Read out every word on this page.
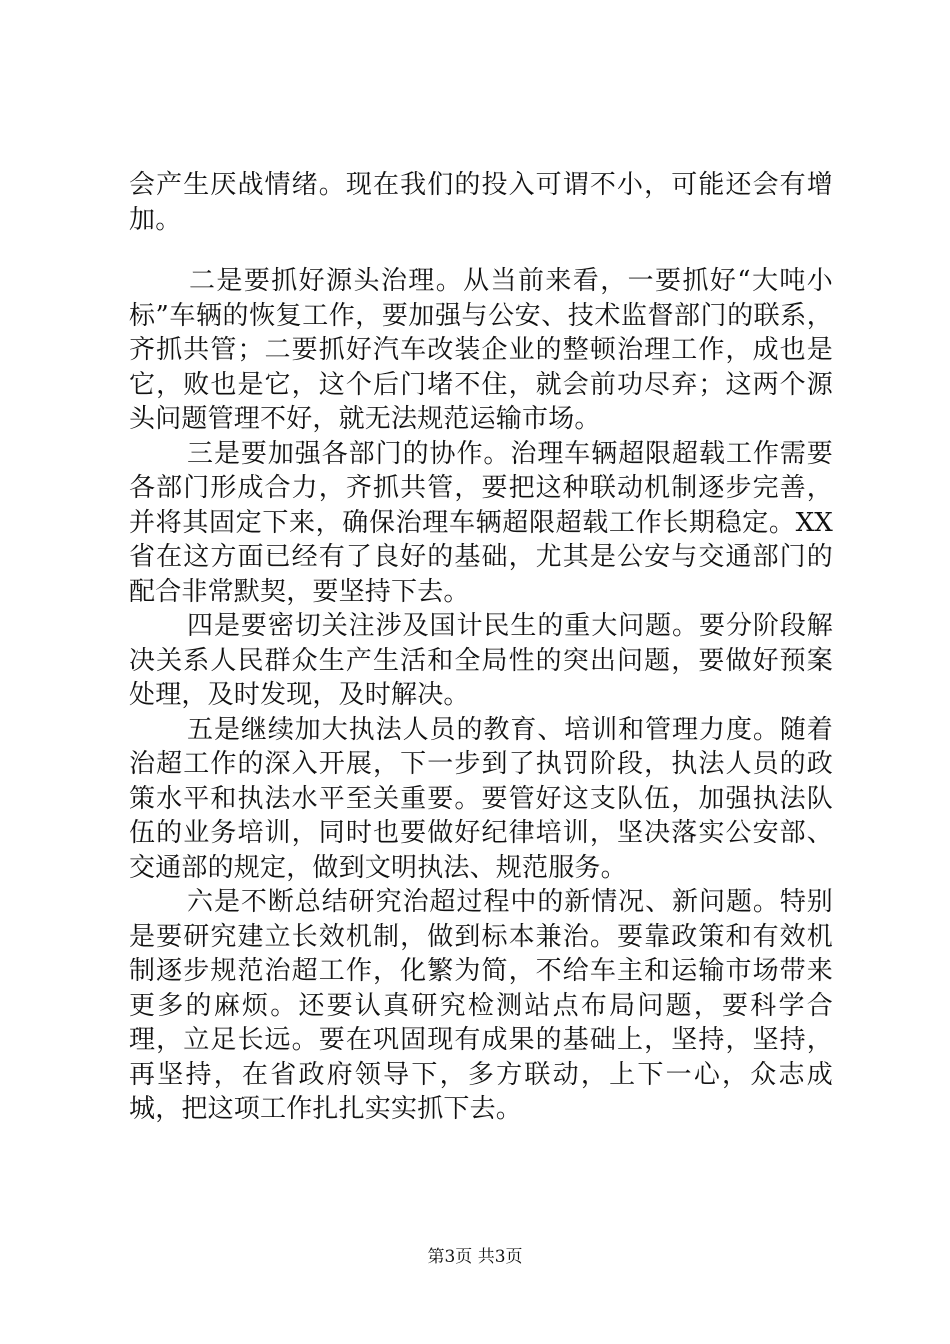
会产生厌战情绪。现在我们的投入可谓不小，可能还会有增加。

二是要抓好源头治理。从当前来看，一要抓好“大吨小标”车辆的恢复工作，要加强与公安、技术监督部门的联系，齐抓共管；二要抓好汽车改装企业的整顿治理工作，成也是它，败也是它，这个后门堵不住，就会前功尽弃；这两个源头问题管理不好，就无法规范运输市场。

三是要加强各部门的协作。治理车辆超限超载工作需要各部门形成合力，齐抓共管，要把这种联动机制逐步完善，并将其固定下来，确保治理车辆超限超载工作长期稳定。XX省在这方面已经有了良好的基础，尤其是公安与交通部门的配合非常默契，要坚持下去。

四是要密切关注涉及国计民生的重大问题。要分阶段解决关系人民群众生产生活和全局性的突出问题，要做好预案处理，及时发现，及时解决。

五是继续加大执法人员的教育、培训和管理力度。随着治超工作的深入开展，下一步到了执罚阶段，执法人员的政策水平和执法水平至关重要。要管好这支队伍，加强执法队伍的业务培训，同时也要做好纪律培训，坚决落实公安部、交通部的规定，做到文明执法、规范服务。

六是不断总结研究治超过程中的新情况、新问题。特别是要研究建立长效机制，做到标本兼治。要靠政策和有效机制逐步规范治超工作，化繁为简，不给车主和运输市场带来更多的麻烦。还要认真研究检测站点布局问题，要科学合理，立足长远。要在巩固现有成果的基础上，坚持，坚持，再坚持，在省政府领导下，多方联动，上下一心，众志成城，把这项工作扎扎实实抓下去。

第3页 共3页
